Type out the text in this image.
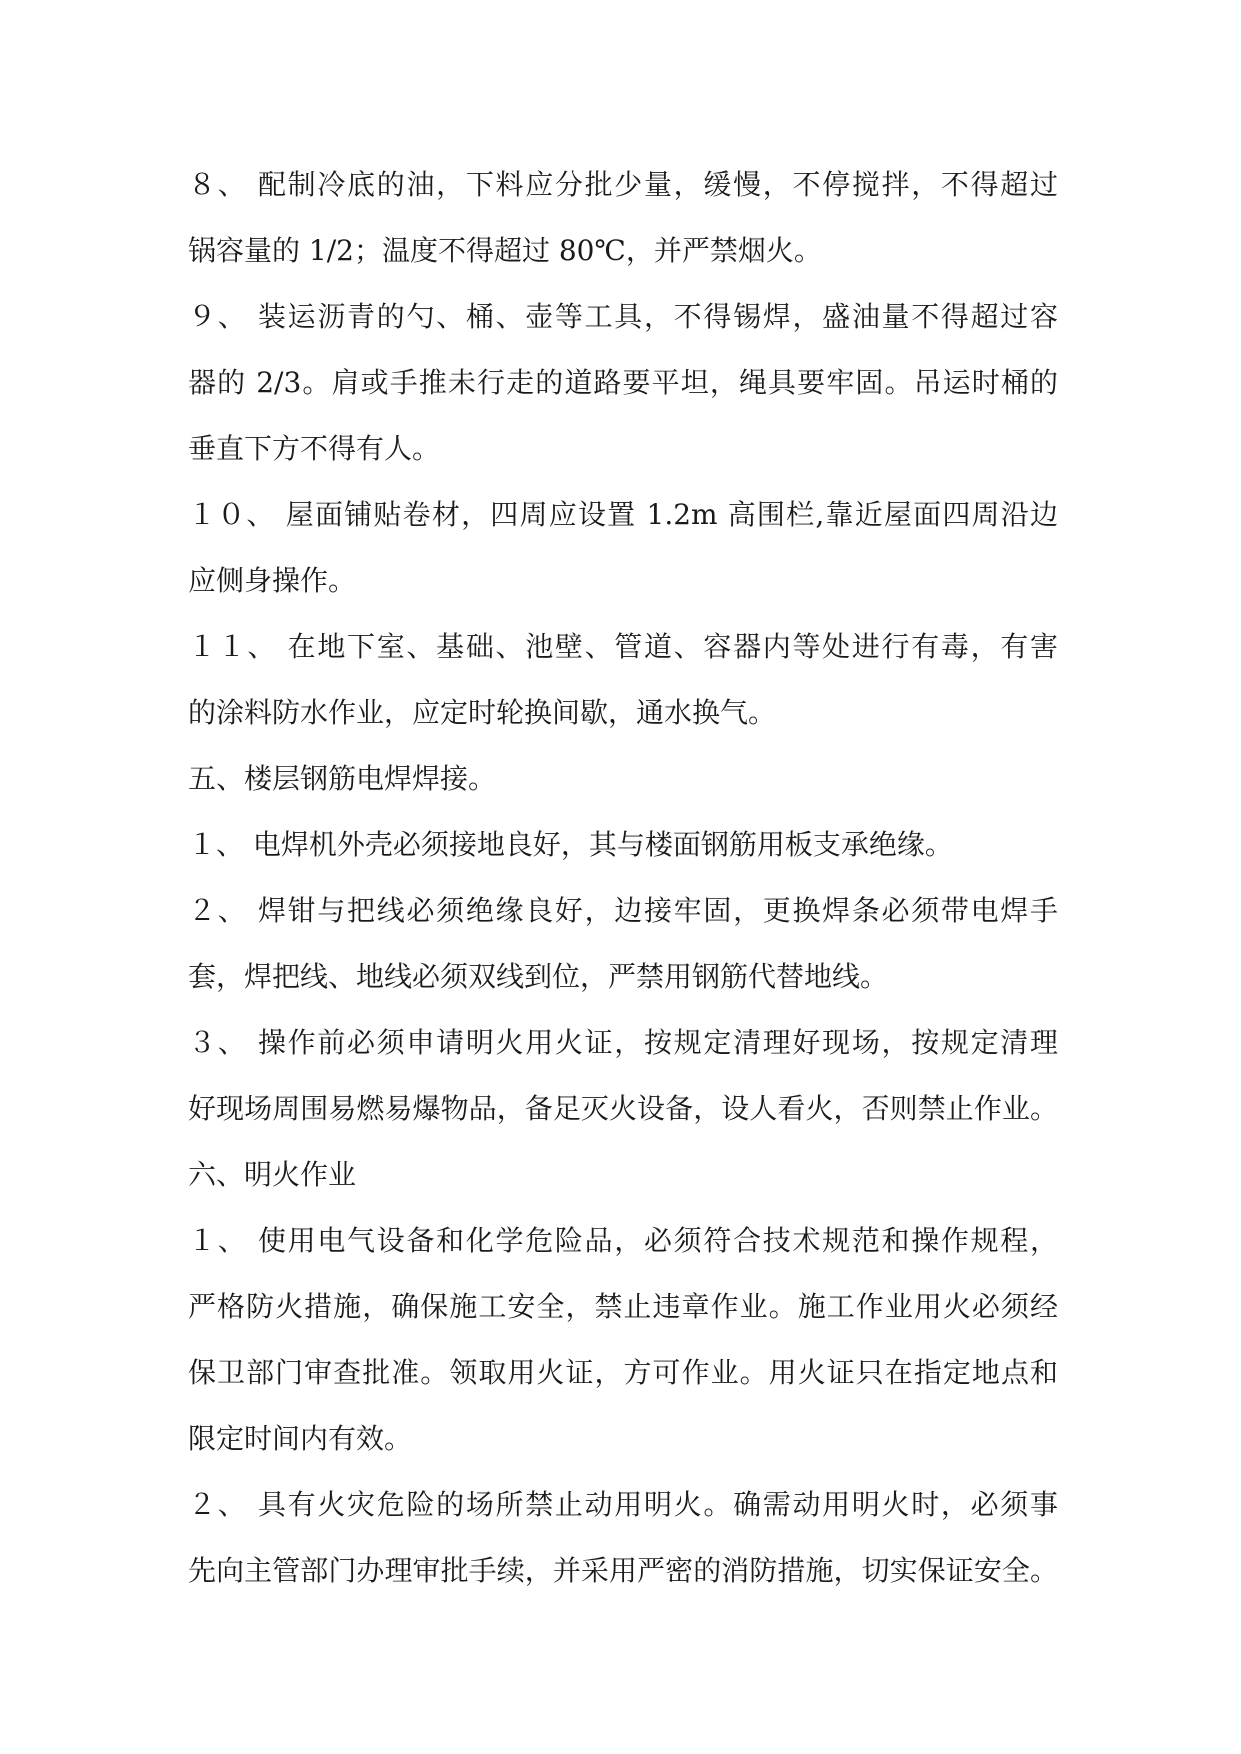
８、 配制冷底的油，下料应分批少量，缓慢，不停搅拌，不得超过
锅容量的 1/2；温度不得超过 80℃，并严禁烟火。
９、 装运沥青的勺、桶、壶等工具，不得锡焊，盛油量不得超过容
器的 2/3。肩或手推未行走的道路要平坦，绳具要牢固。吊运时桶的
垂直下方不得有人。
１０、 屋面铺贴卷材，四周应设置 1.2m 高围栏,靠近屋面四周沿边
应侧身操作。
１１、 在地下室、基础、池壁、管道、容器内等处进行有毒，有害
的涂料防水作业，应定时轮换间歇，通水换气。
五、楼层钢筋电焊焊接。
１、 电焊机外壳必须接地良好，其与楼面钢筋用板支承绝缘。
２、 焊钳与把线必须绝缘良好，边接牢固，更换焊条必须带电焊手
套，焊把线、地线必须双线到位，严禁用钢筋代替地线。
３、 操作前必须申请明火用火证，按规定清理好现场，按规定清理
好现场周围易燃易爆物品，备足灭火设备，设人看火，否则禁止作业。
六、明火作业
１、 使用电气设备和化学危险品，必须符合技术规范和操作规程，
严格防火措施，确保施工安全，禁止违章作业。施工作业用火必须经
保卫部门审查批准。领取用火证，方可作业。用火证只在指定地点和
限定时间内有效。
２、 具有火灾危险的场所禁止动用明火。确需动用明火时，必须事
先向主管部门办理审批手续，并采用严密的消防措施，切实保证安全。
